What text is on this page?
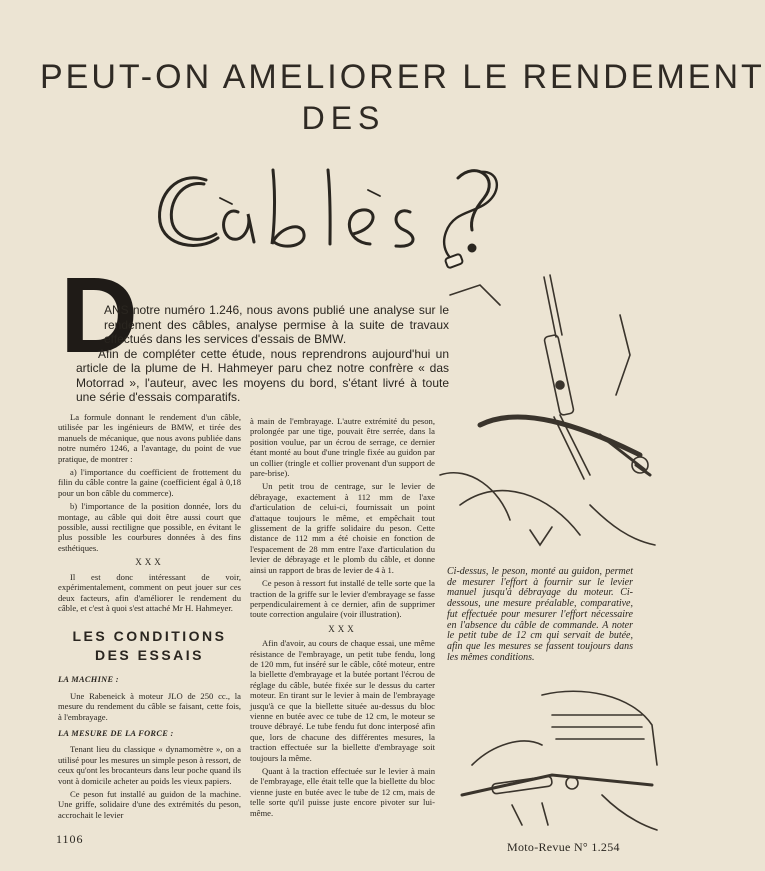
PEUT-ON AMELIORER LE RENDEMENT
DES
D

ANS notre numéro 1.246, nous avons publié une analyse sur le rendement des câbles, analyse permise à la suite de travaux effectués dans les services d'essais de BMW.

Afin de compléter cette étude, nous reprendrons aujourd'hui un article de la plume de H. Hahmeyer paru chez notre confrère « das Motorrad », l'auteur, avec les moyens du bord, s'étant livré à toute une série d'essais comparatifs.

La formule donnant le rendement d'un câble, utilisée par les ingénieurs de BMW, et tirée des manuels de mécanique, que nous avons publiée dans notre numéro 1246, a l'avantage, du point de vue pratique, de montrer :

a) l'importance du coefficient de frottement du filin du câble contre la gaine (coefficient égal à 0,18 pour un bon câble du commerce).

b) l'importance de la position donnée, lors du montage, au câble qui doit être aussi court que possible, aussi rectiligne que possible, en évitant le plus possible les courbures données à des fins esthétiques.

XXX

Il est donc intéressant de voir, expérimentalement, comment on peut jouer sur ces deux facteurs, afin d'améliorer le rendement du câble, et c'est à quoi s'est attaché Mr H. Hahmeyer.

LES CONDITIONS DES ESSAIS

LA MACHINE :

Une Rabeneick à moteur JLO de 250 cc., la mesure du rendement du câble se faisant, cette fois, à l'embrayage.

LA MESURE DE LA FORCE :

Tenant lieu du classique « dynamomètre », on a utilisé pour les mesures un simple peson à ressort, de ceux qu'ont les brocanteurs dans leur poche quand ils vont à domicile acheter au poids les vieux papiers.

Ce peson fut installé au guidon de la machine. Une griffe, solidaire d'une des extrémités du peson, accrochait le levier

à main de l'embrayage. L'autre extrémité du peson, prolongée par une tige, pouvait être serrée, dans la position voulue, par un écrou de serrage, ce dernier étant monté au bout d'une tringle fixée au guidon par un collier (tringle et collier provenant d'un support de pare-brise).

Un petit trou de centrage, sur le levier de débrayage, exactement à 112 mm de l'axe d'articulation de celui-ci, fournissait un point d'attaque toujours le même, et empêchait tout glissement de la griffe solidaire du peson. Cette distance de 112 mm a été choisie en fonction de l'espacement de 28 mm entre l'axe d'articulation du levier de débrayage et le plomb du câble, et donne ainsi un rapport de bras de levier de 4 à 1.

Ce peson à ressort fut installé de telle sorte que la traction de la griffe sur le levier d'embrayage se fasse perpendiculairement à ce dernier, afin de supprimer toute correction angulaire (voir illustration).

XXX

Afin d'avoir, au cours de chaque essai, une même résistance de l'embrayage, un petit tube fendu, long de 120 mm, fut inséré sur le câble, côté moteur, entre la biellette d'embrayage et la butée portant l'écrou de réglage du câble, butée fixée sur le dessus du carter moteur. En tirant sur le levier à main de l'embrayage jusqu'à ce que la biellette située au-dessus du bloc vienne en butée avec ce tube de 12 cm, le moteur se trouve débrayé. Le tube fendu fut donc interposé afin que, lors de chacune des différentes mesures, la traction effectuée sur la biellette d'embrayage soit toujours la même.

Quant à la traction effectuée sur le levier à main de l'embrayage, elle était telle que la biellette du bloc vienne juste en butée avec le tube de 12 cm, mais de telle sorte qu'il puisse juste encore pivoter sur lui-même.

Ci-dessus, le peson, monté au guidon, permet de mesurer l'effort à fournir sur le levier manuel jusqu'à débrayage du moteur. Ci-dessous, une mesure préalable, comparative, fut effectuée pour mesurer l'effort nécessaire en l'absence du câble de commande. A noter le petit tube de 12 cm qui servait de butée, afin que les mesures se fassent toujours dans les mêmes conditions.
1106
Moto-Revue N° 1.254
